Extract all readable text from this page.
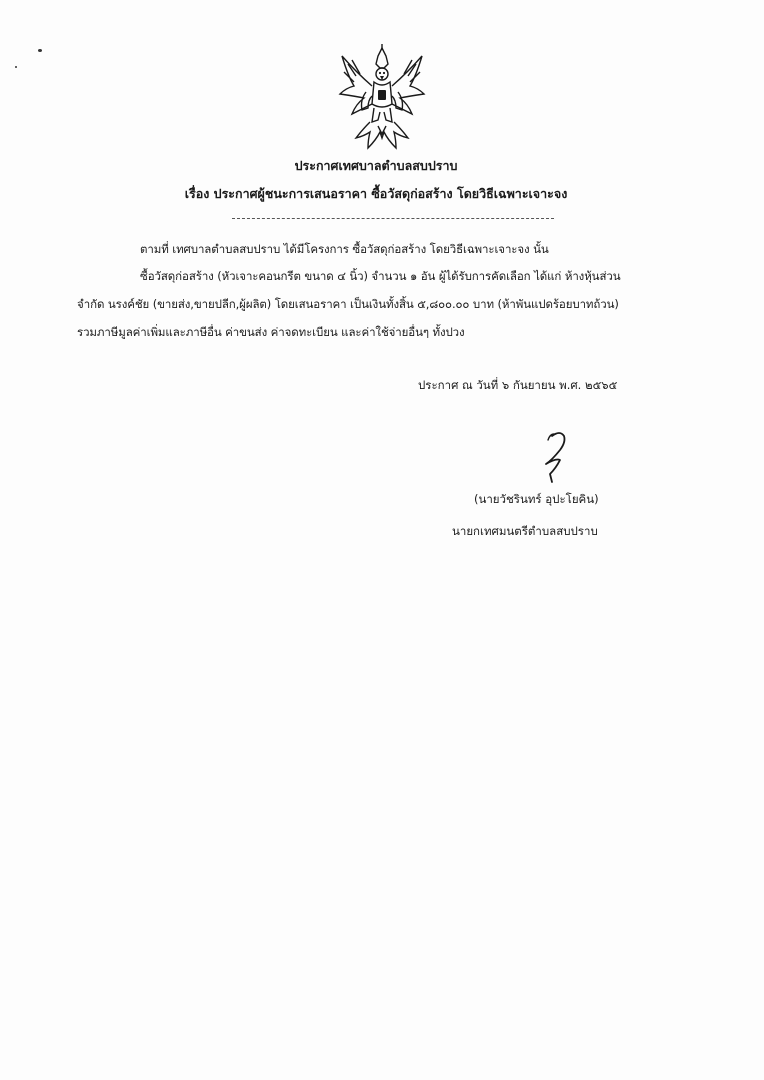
ประกาศเทศบาลตำบลสบปราบ
เรื่อง ประกาศผู้ชนะการเสนอราคา ซื้อวัสดุก่อสร้าง โดยวิธีเฉพาะเจาะจง
ตามที่ เทศบาลตำบลสบปราบ ได้มีโครงการ ซื้อวัสดุก่อสร้าง โดยวิธีเฉพาะเจาะจง นั้น
ซื้อวัสดุก่อสร้าง (หัวเจาะคอนกรีต ขนาด ๔ นิ้ว) จำนวน ๑ อัน ผู้ได้รับการคัดเลือก ได้แก่ ห้างหุ้นส่วน
จำกัด นรงค์ชัย (ขายส่ง,ขายปลีก,ผู้ผลิต) โดยเสนอราคา เป็นเงินทั้งสิ้น ๕,๘๐๐.๐๐ บาท (ห้าพันแปดร้อยบาทถ้วน)
รวมภาษีมูลค่าเพิ่มและภาษีอื่น ค่าขนส่ง ค่าจดทะเบียน และค่าใช้จ่ายอื่นๆ ทั้งปวง
ประกาศ ณ วันที่ ๖ กันยายน พ.ศ. ๒๕๖๕
(นายวัชรินทร์ อุปะโยคิน)
นายกเทศมนตรีตำบลสบปราบ
